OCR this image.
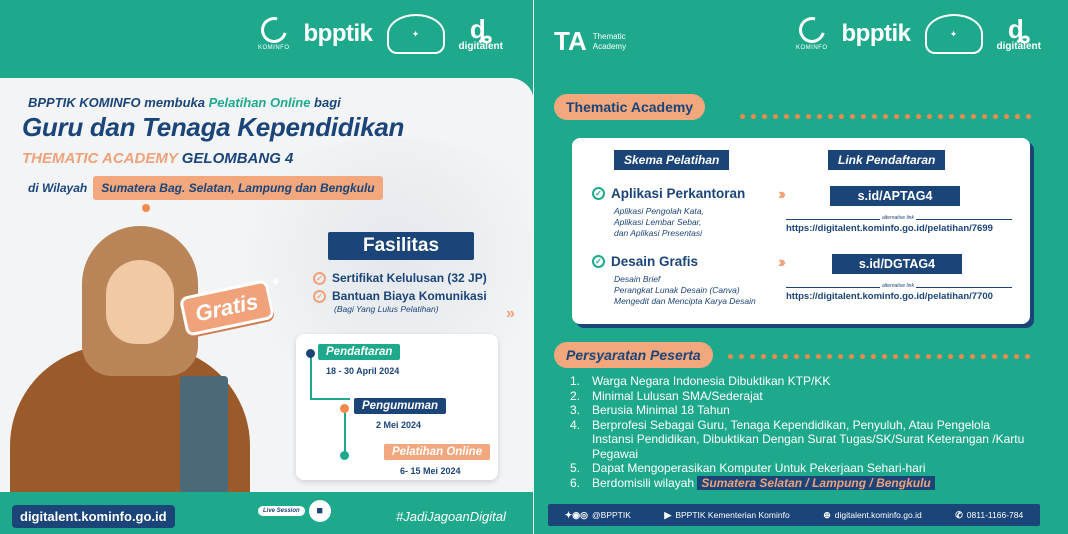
KOMINFO
bpptik	✦	ȡ
digitalent
BPPTIK KOMINFO membuka Pelatihan Online bagi
Guru dan Tenaga Kependidikan
THEMATIC ACADEMY GELOMBANG 4
di Wilayah	Sumatera Bag. Selatan, Lampung dan Bengkulu
Fasilitas
✓ Sertifikat Kelulusan (32 JP)
✓ Bantuan Biaya Komunikasi
(Bagi Yang Lulus Pelatihan)
Gratis
✦
Pendaftaran
18 - 30 April 2024
Pengumuman
2 Mei 2024
Pelatihan Online
6- 15 Mei 2024
»
digitalent.kominfo.go.id	Live Session	■	#JadiJagoanDigital
TA Thematic
Academy	KOMINFO
bpptik	✦	ȡ
digitalent
Thematic Academy
Skema Pelatihan	Link Pendaftaran
✓ Aplikasi Perkantoran
Aplikasi Pengolah Kata,
Aplikasi Lembar Sebar,
dan Aplikasi Presentasi
›››	s.id/APTAG4
alternative link
https://digitalent.kominfo.go.id/pelatihan/7699
✓ Desain Grafis
Desain Brief
Perangkat Lunak Desain (Canva)
Mengedit dan Mencipta Karya Desain
›››	s.id/DGTAG4
alternative link
https://digitalent.kominfo.go.id/pelatihan/7700
Persyaratan Peserta
1. Warga Negara Indonesia Dibuktikan KTP/KK
2. Minimal Lulusan SMA/Sederajat
3. Berusia Minimal 18 Tahun
4. Berprofesi Sebagai Guru, Tenaga Kependidikan, Penyuluh, Atau Pengelola Instansi Pendidikan, Dibuktikan Dengan Surat Tugas/SK/Surat Keterangan /Kartu Pegawai
5. Dapat Mengoperasikan Komputer Untuk Pekerjaan Sehari-hari
6. Berdomisili wilayah Sumatera Selatan / Lampung / Bengkulu
✦◉◎ @BPPTIK	▶ BPPTIK Kementerian Kominfo	⊕ digitalent.kominfo.go.id	✆ 0811-1166-784
